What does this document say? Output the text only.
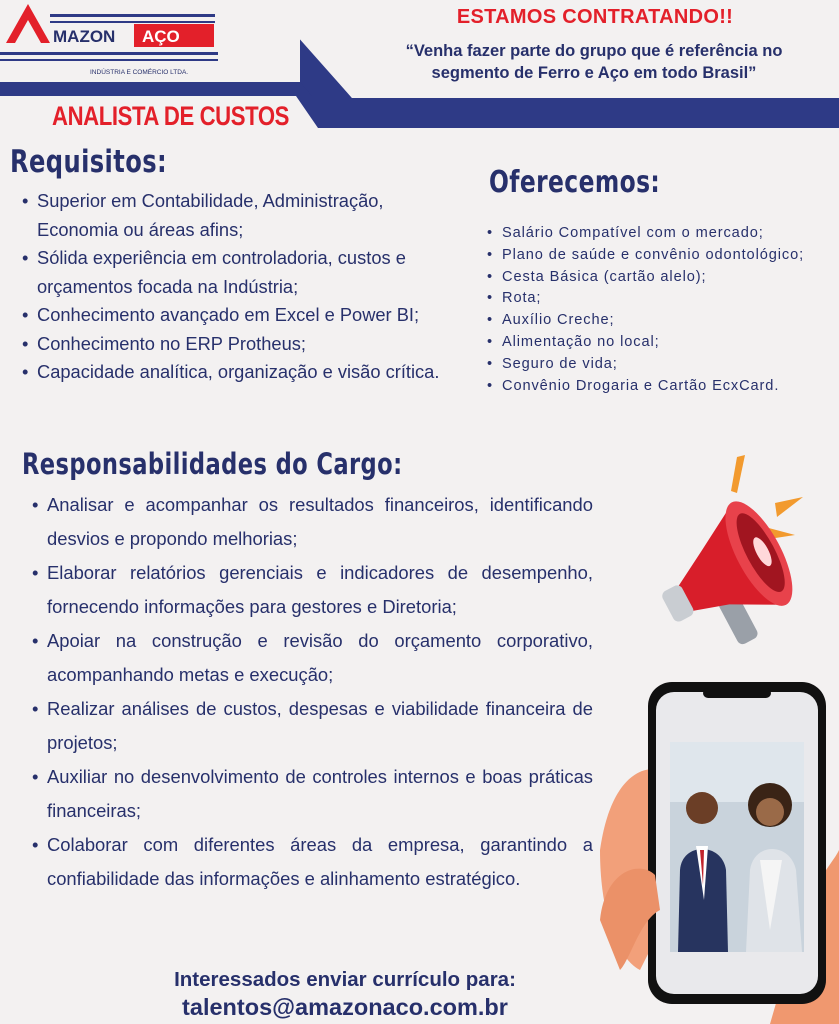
MAZON AÇO
INDÚSTRIA E COMÉRCIO LTDA.
ESTAMOS CONTRATANDO!!
“Venha fazer parte do grupo que é referência no
segmento de Ferro e Aço em todo Brasil”
ANALISTA DE CUSTOS
Requisitos:
• Superior em Contabilidade, Administração, Economia ou áreas afins;
• Sólida experiência em controladoria, custos e orçamentos focada na Indústria;
• Conhecimento avançado em Excel e Power BI;
• Conhecimento no ERP Protheus;
• Capacidade analítica, organização e visão crítica.
Oferecemos:
• Salário Compatível com o mercado;
• Plano de saúde e convênio odontológico;
• Cesta Básica (cartão alelo);
• Rota;
• Auxílio Creche;
• Alimentação no local;
• Seguro de vida;
• Convênio Drogaria e Cartão EcxCard.
Responsabilidades do Cargo:
• Analisar e acompanhar os resultados financeiros, identificando desvios e propondo melhorias;
• Elaborar relatórios gerenciais e indicadores de desempenho, fornecendo informações para gestores e Diretoria;
• Apoiar na construção e revisão do orçamento corporativo, acompanhando metas e execução;
• Realizar análises de custos, despesas e viabilidade financeira de projetos;
• Auxiliar no desenvolvimento de controles internos e boas práticas financeiras;
• Colaborar com diferentes áreas da empresa, garantindo a confiabilidade das informações e alinhamento estratégico.
Interessados enviar currículo para:
talentos@amazonaco.com.br
